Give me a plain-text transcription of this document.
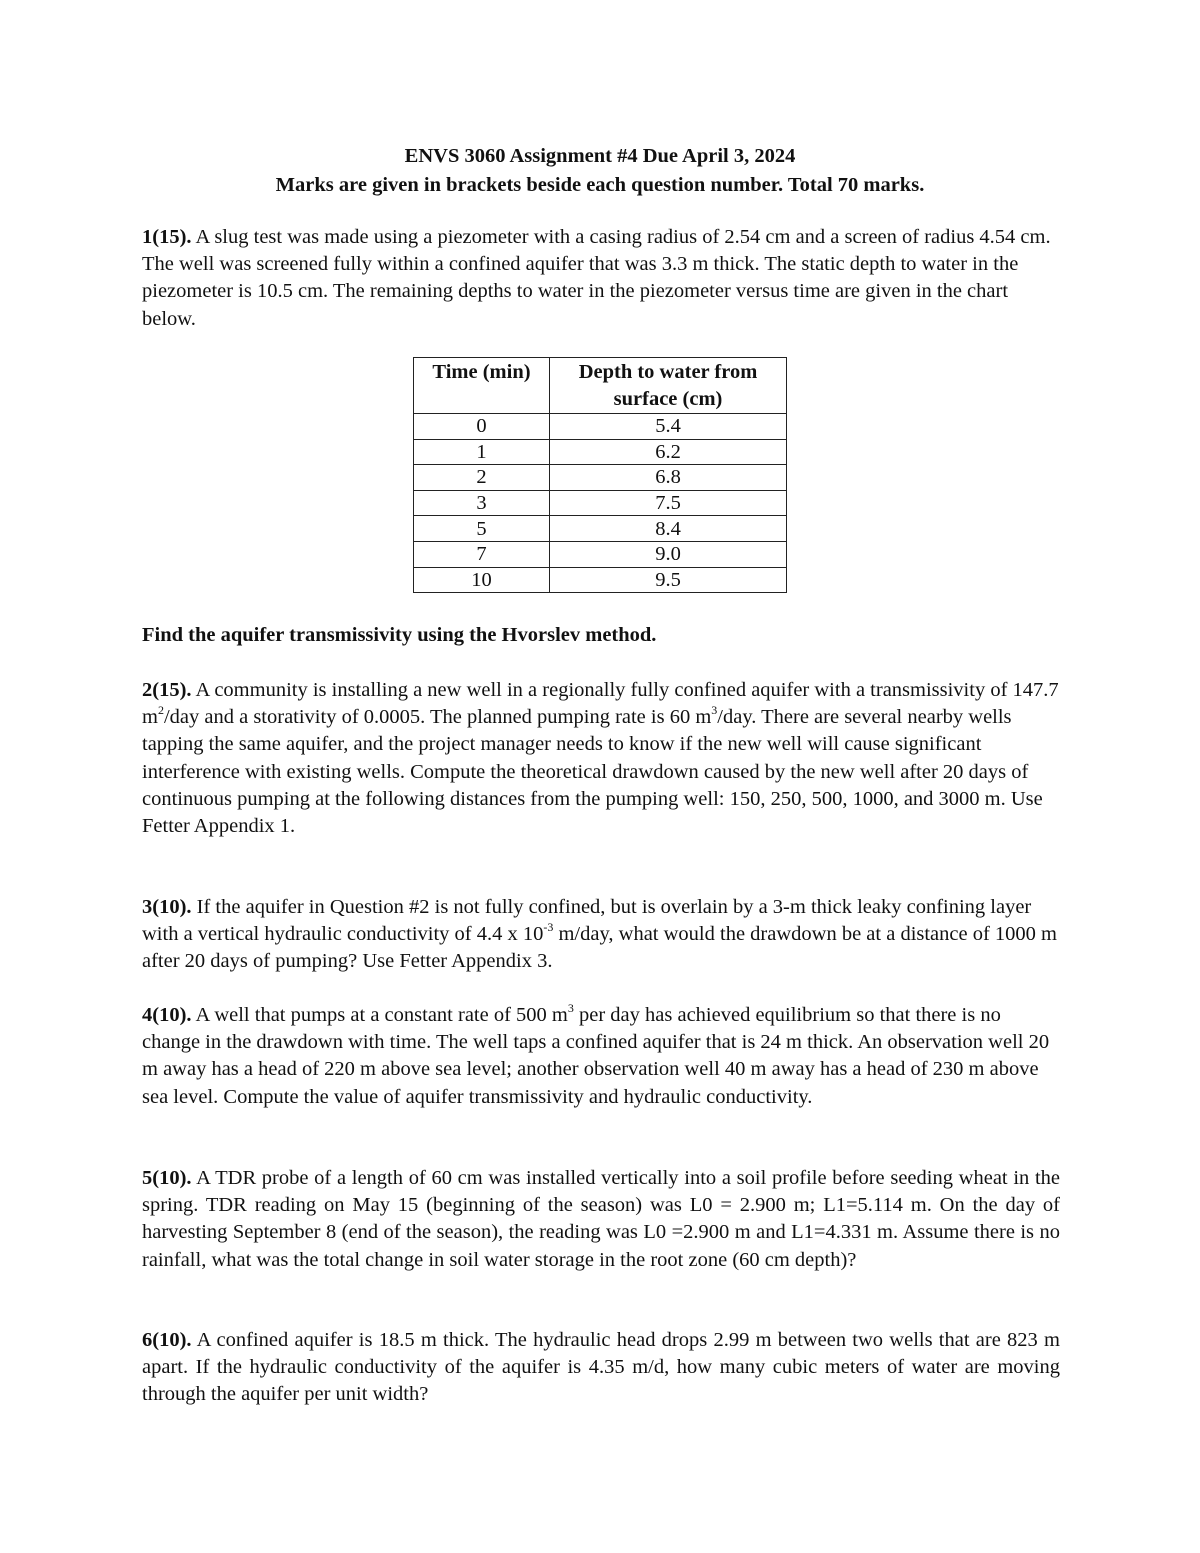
ENVS 3060 Assignment #4 Due April 3, 2024
Marks are given in brackets beside each question number. Total 70 marks.

1(15). A slug test was made using a piezometer with a casing radius of 2.54 cm and a screen of radius 4.54 cm. The well was screened fully within a confined aquifer that was 3.3 m thick. The static depth to water in the piezometer is 10.5 cm. The remaining depths to water in the piezometer versus time are given in the chart below.

Time (min)	Depth to water from
surface (cm)
0	5.4
1	6.2
2	6.8
3	7.5
5	8.4
7	9.0
10	9.5
Find the aquifer transmissivity using the Hvorslev method.

2(15). A community is installing a new well in a regionally fully confined aquifer with a transmissivity of 147.7 $m^2$/day and a storativity of 0.0005. The planned pumping rate is 60 $m^3$/day. There are several nearby wells tapping the same aquifer, and the project manager needs to know if the new well will cause significant interference with existing wells. Compute the theoretical drawdown caused by the new well after 20 days of continuous pumping at the following distances from the pumping well: 150, 250, 500, 1000, and 3000 m. Use Fetter Appendix 1.

3(10). If the aquifer in Question #2 is not fully confined, but is overlain by a 3-m thick leaky confining layer with a vertical hydraulic conductivity of 4.4 x $10^{-3}$ m/day, what would the drawdown be at a distance of 1000 m after 20 days of pumping? Use Fetter Appendix 3.

4(10). A well that pumps at a constant rate of 500 $m^3$ per day has achieved equilibrium so that there is no change in the drawdown with time. The well taps a confined aquifer that is 24 m thick. An observation well 20 m away has a head of 220 m above sea level; another observation well 40 m away has a head of 230 m above sea level. Compute the value of aquifer transmissivity and hydraulic conductivity.

5(10). A TDR probe of a length of 60 cm was installed vertically into a soil profile before seeding wheat in the spring. TDR reading on May 15 (beginning of the season) was L0 = 2.900 m; L1=5.114 m. On the day of harvesting September 8 (end of the season), the reading was L0 =2.900 m and L1=4.331 m. Assume there is no rainfall, what was the total change in soil water storage in the root zone (60 cm depth)?

6(10). A confined aquifer is 18.5 m thick. The hydraulic head drops 2.99 m between two wells that are 823 m apart. If the hydraulic conductivity of the aquifer is 4.35 m/d, how many cubic meters of water are moving through the aquifer per unit width?
